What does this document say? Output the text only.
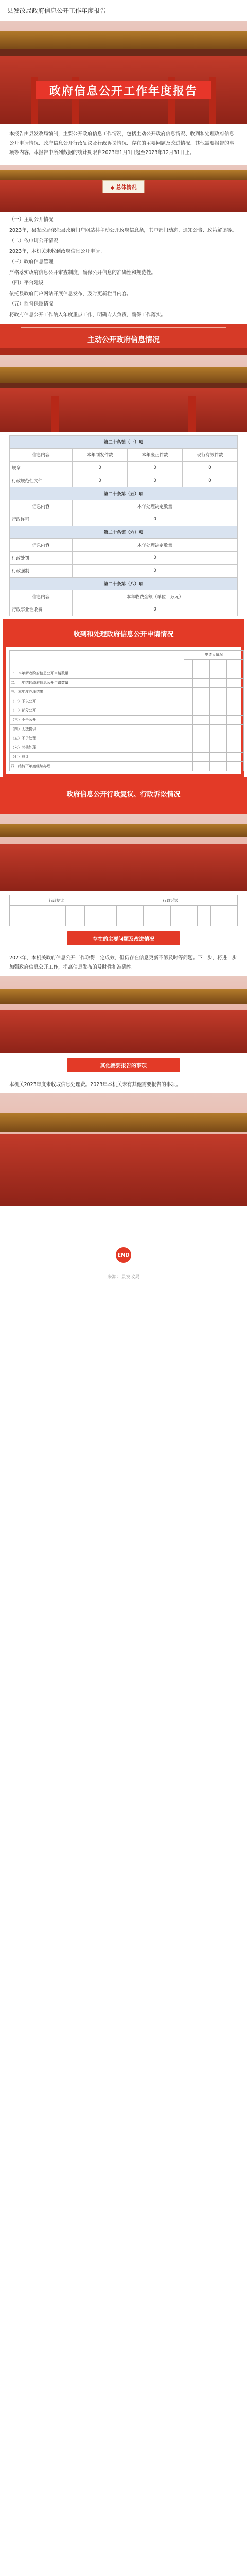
县发改局政府信息公开工作年度报告
政府信息公开工作年度报告
本报告由县发改局编制，主要公开政府信息工作情况，包括主动公开政府信息情况、收到和处理政府信息公开申请情况、政府信息公开行政复议及行政诉讼情况、存在的主要问题及改进情况、其他需要报告的事项等内容。本报告中所列数据的统计期限自2023年1月1日起至2023年12月31日止。
◆ 总体情况

（一）主动公开情况

2023年，县发改局依托县政府门户网站共主动公开政府信息条，其中部门动态、通知公告、政策解读等。

（二）依申请公开情况

2023年，本机关未收到政府信息公开申请。

（三）政府信息管理

严格落实政府信息公开审查制度，确保公开信息的准确性和规范性。

（四）平台建设

依托县政府门户网站开展信息发布，及时更新栏目内容。

（五）监督保障情况

将政府信息公开工作纳入年度重点工作，明确专人负责，确保工作落实。

主动公开政府信息情况
第二十条第（一）项			
信息内容	本年制发件数	本年废止件数	现行有效件数
规章	0	0	0
行政规范性文件	0	0	0
第二十条第（五）项			
信息内容	本年处理决定数量		
行政许可	0		
第二十条第（六）项			
信息内容	本年处理决定数量		
行政处罚	0		
行政强制	0		
第二十条第（八）项			
信息内容	本年收费金额（单位：万元）		
行政事业性收费	0		
收到和处理政府信息公开申请情况
	申请人情况						

一、本年新收政府信息公开申请数量							
二、上年结转政府信息公开申请数量							
三、本年度办理结果							
（一）予以公开							
（二）部分公开							
（三）不予公开							
（四）无法提供							
（五）不予处理							
（六）其他处理							
（七）总计							
四、结转下年度继续办理							
政府信息公开行政复议、行政诉讼情况
行政复议					行政诉讼									

存在的主要问题及改进情况
2023年，本机关政府信息公开工作取得一定成效，但仍存在信息更新不够及时等问题。下一步，将进一步加强政府信息公开工作，提高信息发布的及时性和准确性。
其他需要报告的事项
本机关2023年度未收取信息处理费。2023年本机关未有其他需要报告的事项。
END
来源：县发改局
